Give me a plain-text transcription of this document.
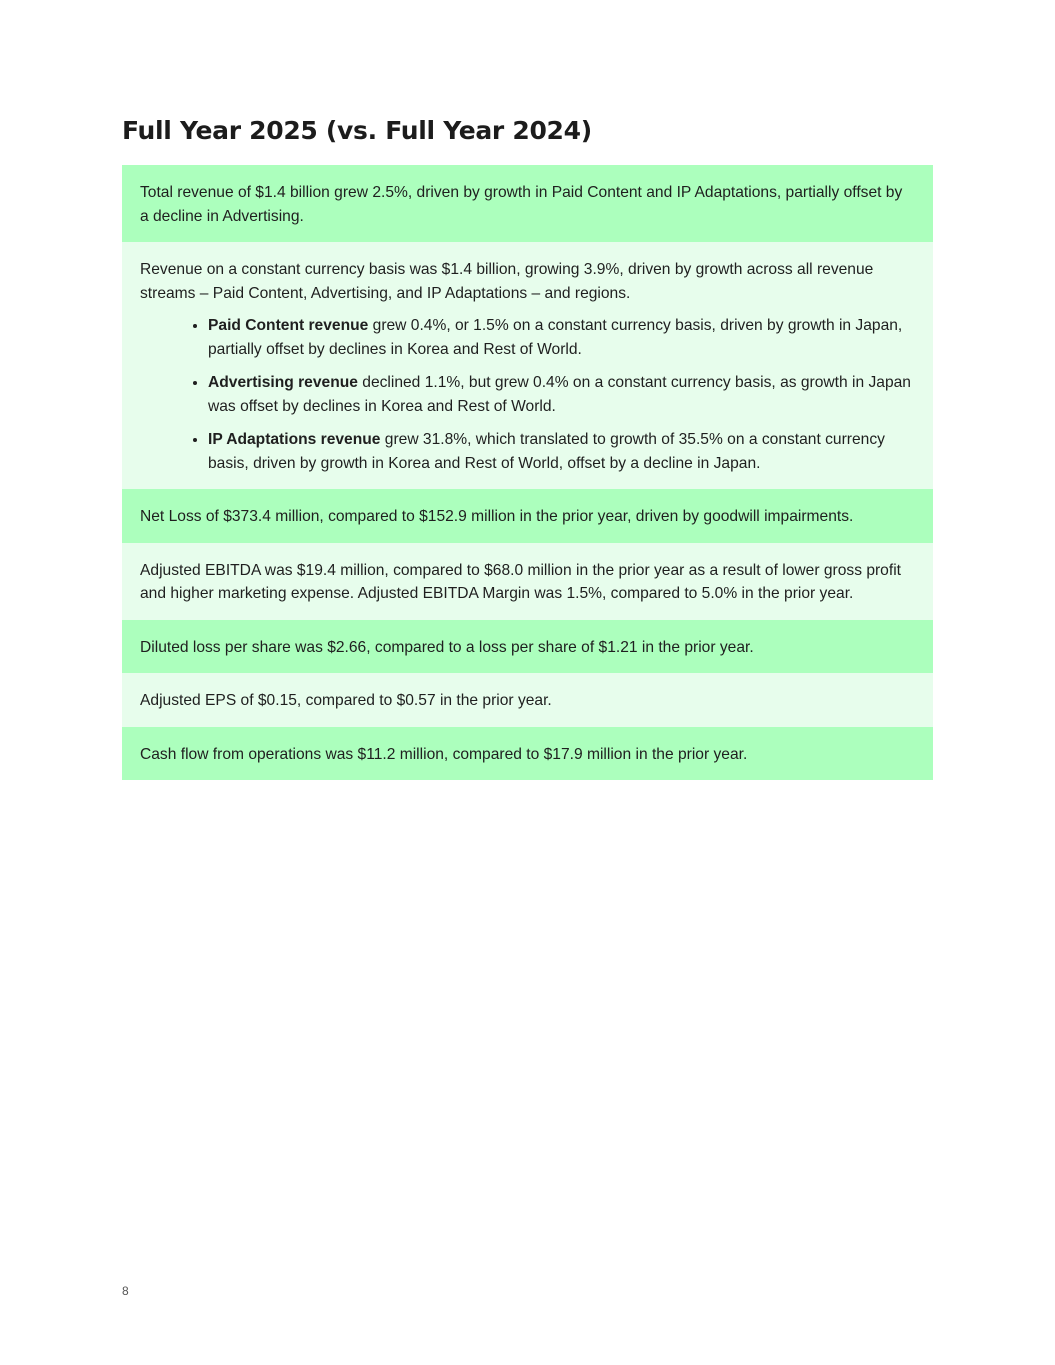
Full Year 2025 (vs. Full Year 2024)

Total revenue of $1.4 billion grew 2.5%, driven by growth in Paid Content and IP Adaptations, partially offset by a decline in Advertising.

Revenue on a constant currency basis was $1.4 billion, growing 3.9%, driven by growth across all revenue streams – Paid Content, Advertising, and IP Adaptations – and regions.

• Paid Content revenue grew 0.4%, or 1.5% on a constant currency basis, driven by growth in Japan, partially offset by declines in Korea and Rest of World.
• Advertising revenue declined 1.1%, but grew 0.4% on a constant currency basis, as growth in Japan was offset by declines in Korea and Rest of World.
• IP Adaptations revenue grew 31.8%, which translated to growth of 35.5% on a constant currency basis, driven by growth in Korea and Rest of World, offset by a decline in Japan.

Net Loss of $373.4 million, compared to $152.9 million in the prior year, driven by goodwill impairments.

Adjusted EBITDA was $19.4 million, compared to $68.0 million in the prior year as a result of lower gross profit and higher marketing expense. Adjusted EBITDA Margin was 1.5%, compared to 5.0% in the prior year.

Diluted loss per share was $2.66, compared to a loss per share of $1.21 in the prior year.

Adjusted EPS of $0.15, compared to $0.57 in the prior year.

Cash flow from operations was $11.2 million, compared to $17.9 million in the prior year.

8
